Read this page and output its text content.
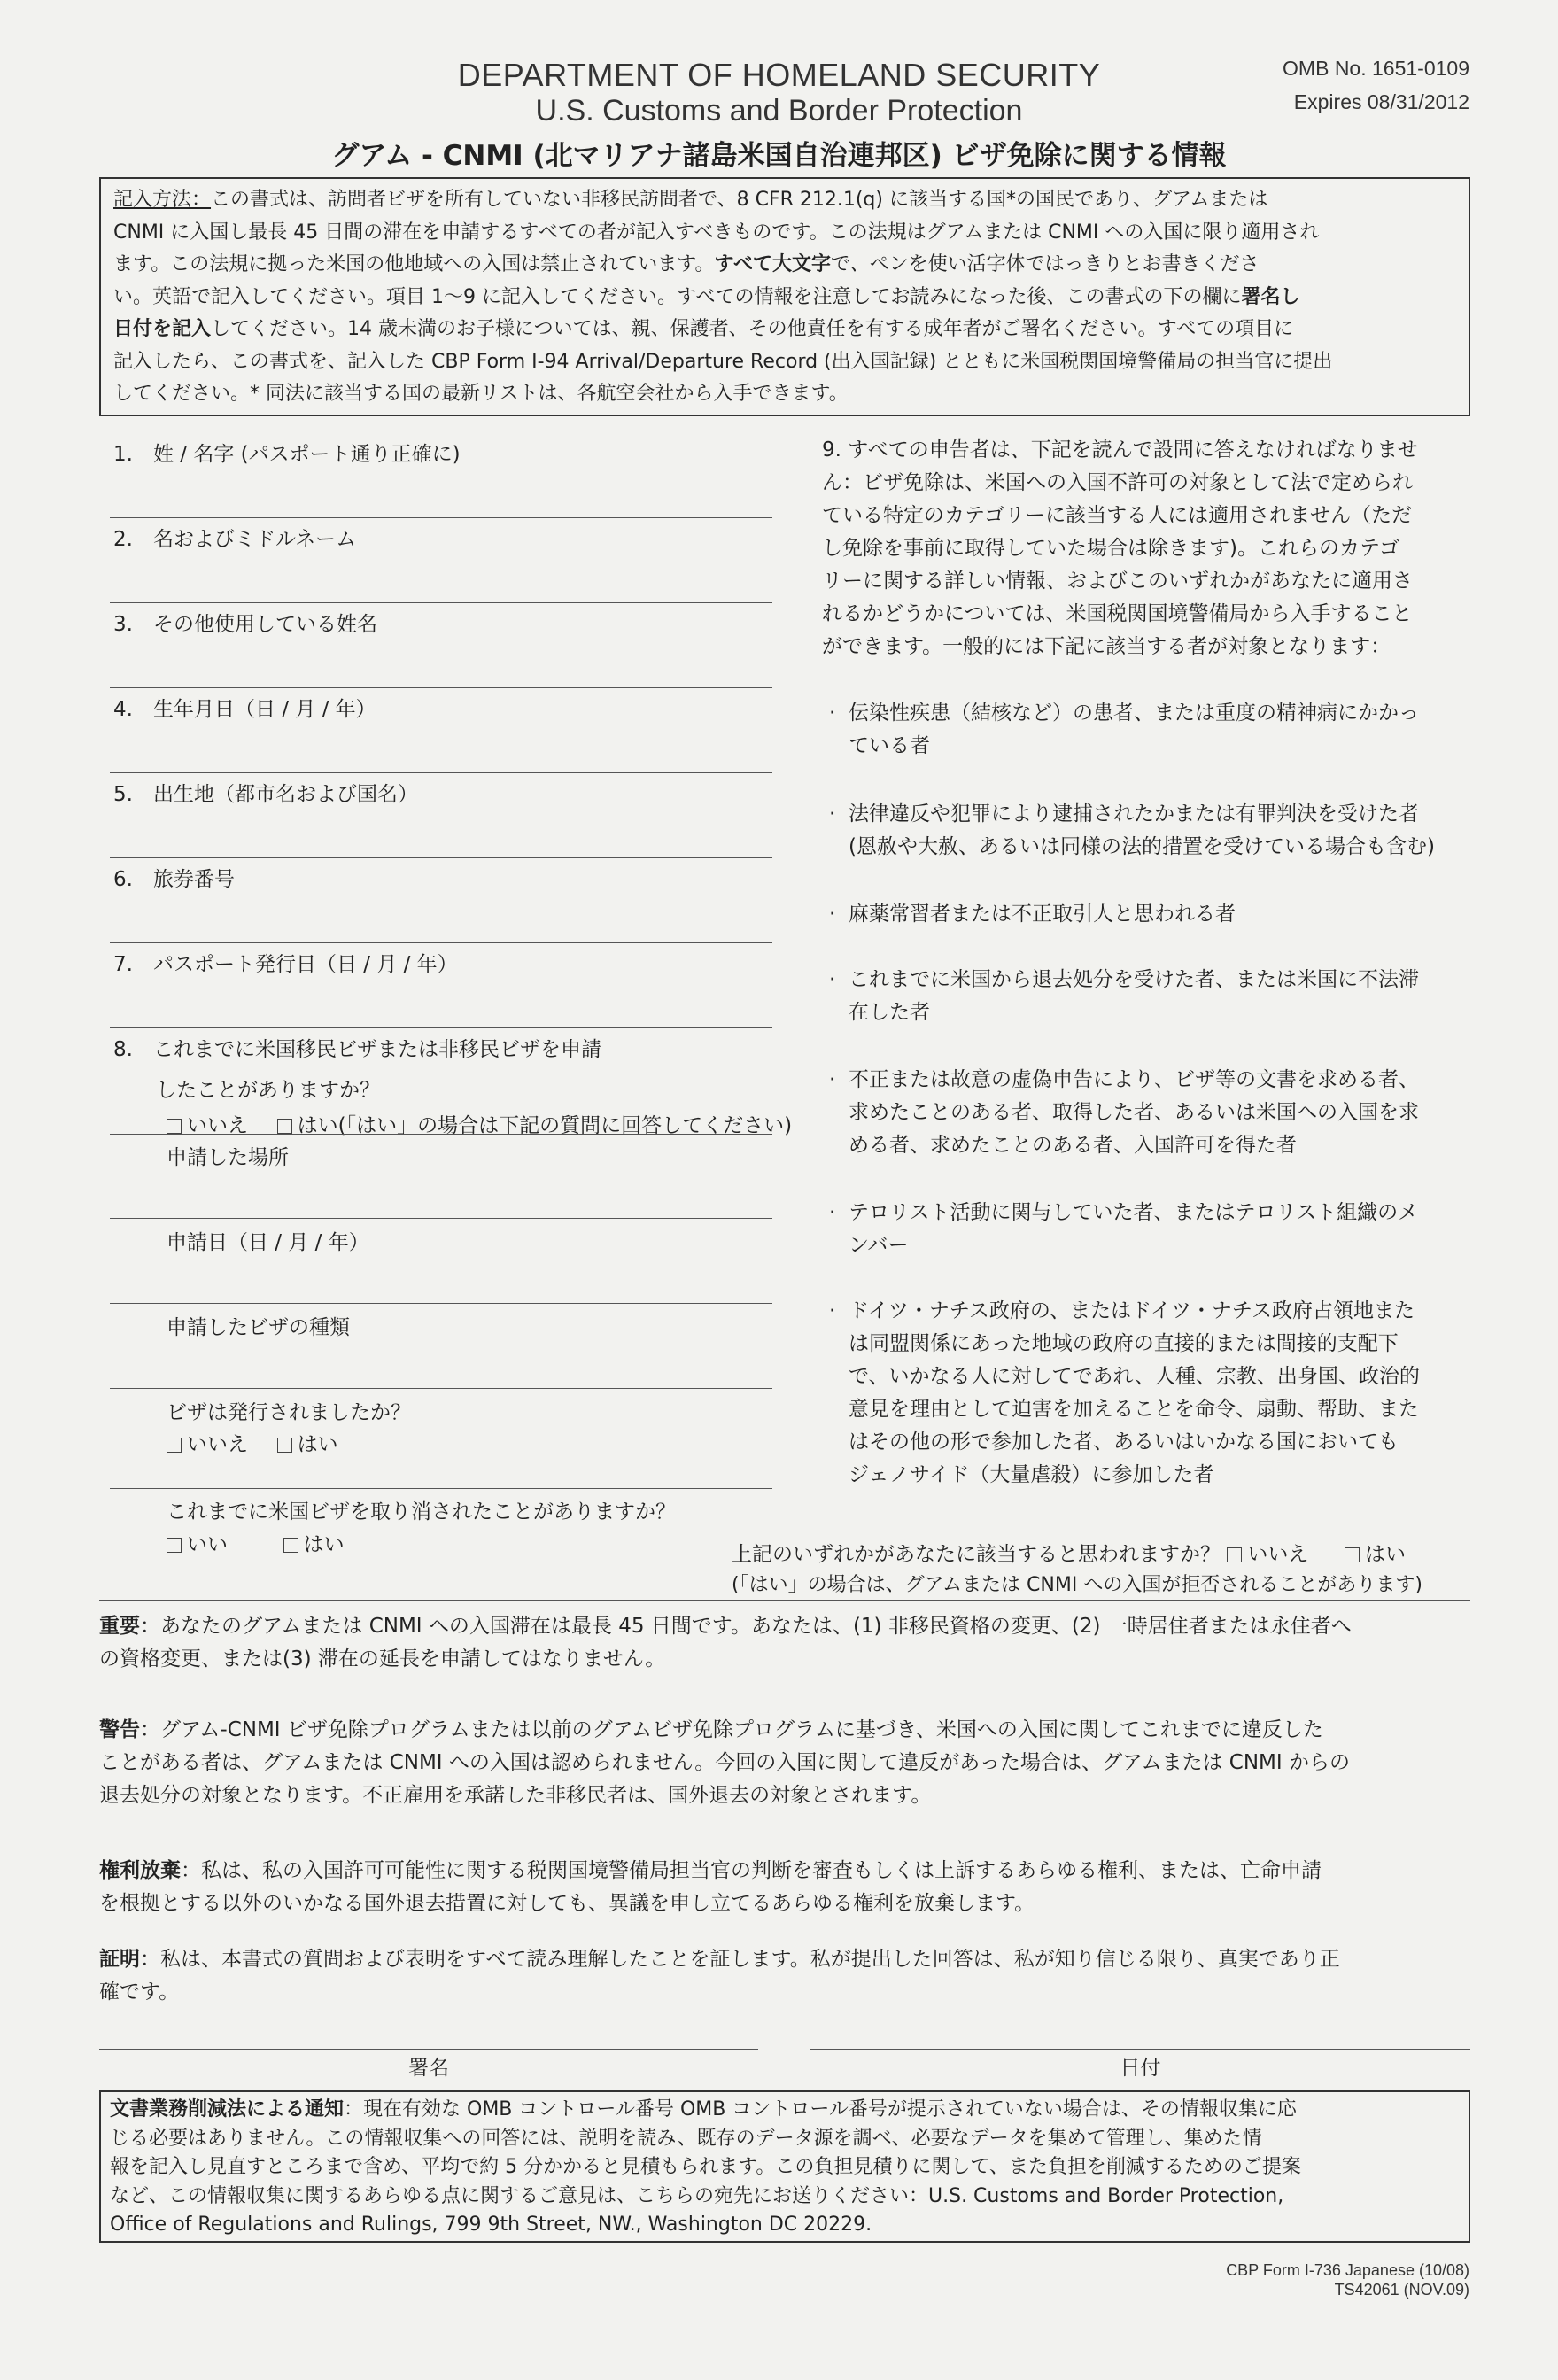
DEPARTMENT OF HOMELAND SECURITY
U.S. Customs and Border Protection
OMB No. 1651-0109
Expires 08/31/2012
グアム - CNMI (北マリアナ諸島米国自治連邦区) ビザ免除に関する情報
記入方法：この書式は、訪問者ビザを所有していない非移民訪問者で、8 CFR 212.1(q) に該当する国*の国民であり、グアムまたは
CNMI に入国し最長 45 日間の滞在を申請するすべての者が記入すべきものです。この法規はグアムまたは CNMI への入国に限り適用され
ます。この法規に拠った米国の他地域への入国は禁止されています。すべて大文字で、ペンを使い活字体ではっきりとお書きくださ
い。英語で記入してください。項目 1～9 に記入してください。すべての情報を注意してお読みになった後、この書式の下の欄に署名し
日付を記入してください。14 歳未満のお子様については、親、保護者、その他責任を有する成年者がご署名ください。すべての項目に
記入したら、この書式を、記入した CBP Form I-94 Arrival/Departure Record (出入国記録) とともに米国税関国境警備局の担当官に提出
してください。* 同法に該当する国の最新リストは、各航空会社から入手できます。
1.　姓 / 名字 (パスポート通り正確に)
2.　名およびミドルネーム
3.　その他使用している姓名
4.　生年月日（日 / 月 / 年）
5.　出生地（都市名および国名）
6.　旅券番号
7.　パスポート発行日（日 / 月 / 年）
8.　これまでに米国移民ビザまたは非移民ビザを申請
したことがありますか？
いいえ はい(「はい」の場合は下記の質問に回答してください)
申請した場所
申請日（日 / 月 / 年）
申請したビザの種類
ビザは発行されましたか？
いいえ はい
これまでに米国ビザを取り消されたことがありますか？
いい	はい
9. すべての申告者は、下記を読んで設問に答えなければなりませ
ん：ビザ免除は、米国への入国不許可の対象として法で定められ
ている特定のカテゴリーに該当する人には適用されません（ただ
し免除を事前に取得していた場合は除きます)。これらのカテゴ
リーに関する詳しい情報、およびこのいずれかがあなたに適用さ
れるかどうかについては、米国税関国境警備局から入手すること
ができます。一般的には下記に該当する者が対象となります：
· 伝染性疾患（結核など）の患者、または重度の精神病にかかっ
ている者
· 法律違反や犯罪により逮捕されたかまたは有罪判決を受けた者
(恩赦や大赦、あるいは同様の法的措置を受けている場合も含む)
· 麻薬常習者または不正取引人と思われる者
· これまでに米国から退去処分を受けた者、または米国に不法滞
在した者
· 不正または故意の虚偽申告により、ビザ等の文書を求める者、
求めたことのある者、取得した者、あるいは米国への入国を求
める者、求めたことのある者、入国許可を得た者
· テロリスト活動に関与していた者、またはテロリスト組織のメ
ンバー
· ドイツ・ナチス政府の、またはドイツ・ナチス政府占領地また
は同盟関係にあった地域の政府の直接的または間接的支配下
で、いかなる人に対してであれ、人種、宗教、出身国、政治的
意見を理由として迫害を加えることを命令、扇動、帮助、また
はその他の形で参加した者、あるいはいかなる国においても
ジェノサイド（大量虐殺）に参加した者
上記のいずれかがあなたに該当すると思われますか？ いいえ	はい
(「はい」の場合は、グアムまたは CNMI への入国が拒否されることがあります)
重要：あなたのグアムまたは CNMI への入国滞在は最長 45 日間です。あなたは、(1) 非移民資格の変更、(2) 一時居住者または永住者へ
の資格変更、または(3) 滞在の延長を申請してはなりません。
警告：グアム-CNMI ビザ免除プログラムまたは以前のグアムビザ免除プログラムに基づき、米国への入国に関してこれまでに違反した
ことがある者は、グアムまたは CNMI への入国は認められません。今回の入国に関して違反があった場合は、グアムまたは CNMI からの
退去処分の対象となります。不正雇用を承諾した非移民者は、国外退去の対象とされます。
権利放棄：私は、私の入国許可可能性に関する税関国境警備局担当官の判断を審査もしくは上訴するあらゆる権利、または、亡命申請
を根拠とする以外のいかなる国外退去措置に対しても、異議を申し立てるあらゆる権利を放棄します。
証明：私は、本書式の質問および表明をすべて読み理解したことを証します。私が提出した回答は、私が知り信じる限り、真実であり正
確です。
署名	日付
文書業務削減法による通知：現在有効な OMB コントロール番号 OMB コントロール番号が提示されていない場合は、その情報収集に応
じる必要はありません。この情報収集への回答には、説明を読み、既存のデータ源を調べ、必要なデータを集めて管理し、集めた情
報を記入し見直すところまで含め、平均で約 5 分かかると見積もられます。この負担見積りに関して、また負担を削減するためのご提案
など、この情報収集に関するあらゆる点に関するご意見は、こちらの宛先にお送りください：U.S. Customs and Border Protection,
Office of Regulations and Rulings, 799 9th Street, NW., Washington DC 20229.
CBP Form I-736 Japanese (10/08)
TS42061 (NOV.09)
